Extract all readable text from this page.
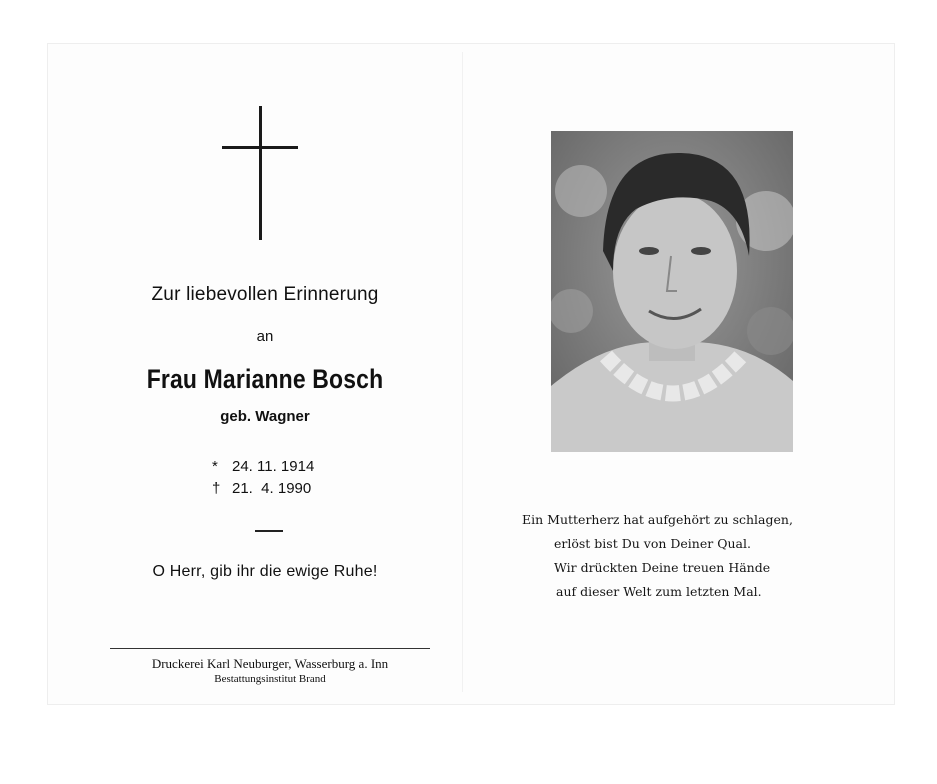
Zur liebevollen Erinnerung
an
Frau Marianne Bosch
geb. Wagner
* 24. 11. 1914
† 21.  4. 1990
O Herr, gib ihr die ewige Ruhe!
Druckerei Karl Neuburger, Wasserburg a. Inn
Bestattungsinstitut Brand
Ein Mutterherz hat aufgehört zu schlagen,
erlöst bist Du von Deiner Qual.
Wir drückten Deine treuen Hände
auf dieser Welt zum letzten Mal.
